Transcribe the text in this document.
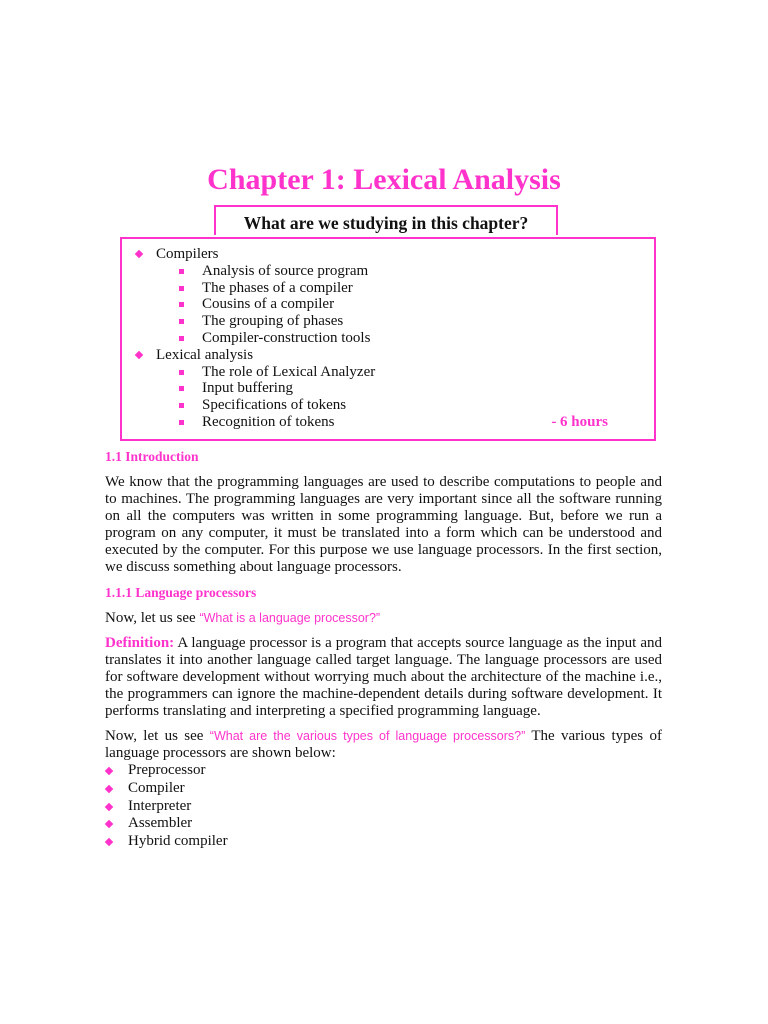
Chapter 1: Lexical Analysis
What are we studying in this chapter?
Compilers
Analysis of source program
The phases of a compiler
Cousins of a compiler
The grouping of phases
Compiler-construction tools
Lexical analysis
The role of Lexical Analyzer
Input buffering
Specifications of tokens
Recognition of tokens	- 6 hours
1.1 Introduction

We know that the programming languages are used to describe computations to people and to machines. The programming languages are very important since all the software running on all the computers was written in some programming language. But, before we run a program on any computer, it must be translated into a form which can be understood and executed by the computer. For this purpose we use language processors. In the first section, we discuss something about language processors.

1.1.1 Language processors

Now, let us see “What is a language processor?”

Definition: A language processor is a program that accepts source language as the input and translates it into another language called target language. The language processors are used for software development without worrying much about the architecture of the machine i.e., the programmers can ignore the machine-dependent details during software development. It performs translating and interpreting a specified programming language.

Now, let us see “What are the various types of language processors?” The various types of language processors are shown below:

Preprocessor
Compiler
Interpreter
Assembler
Hybrid compiler
